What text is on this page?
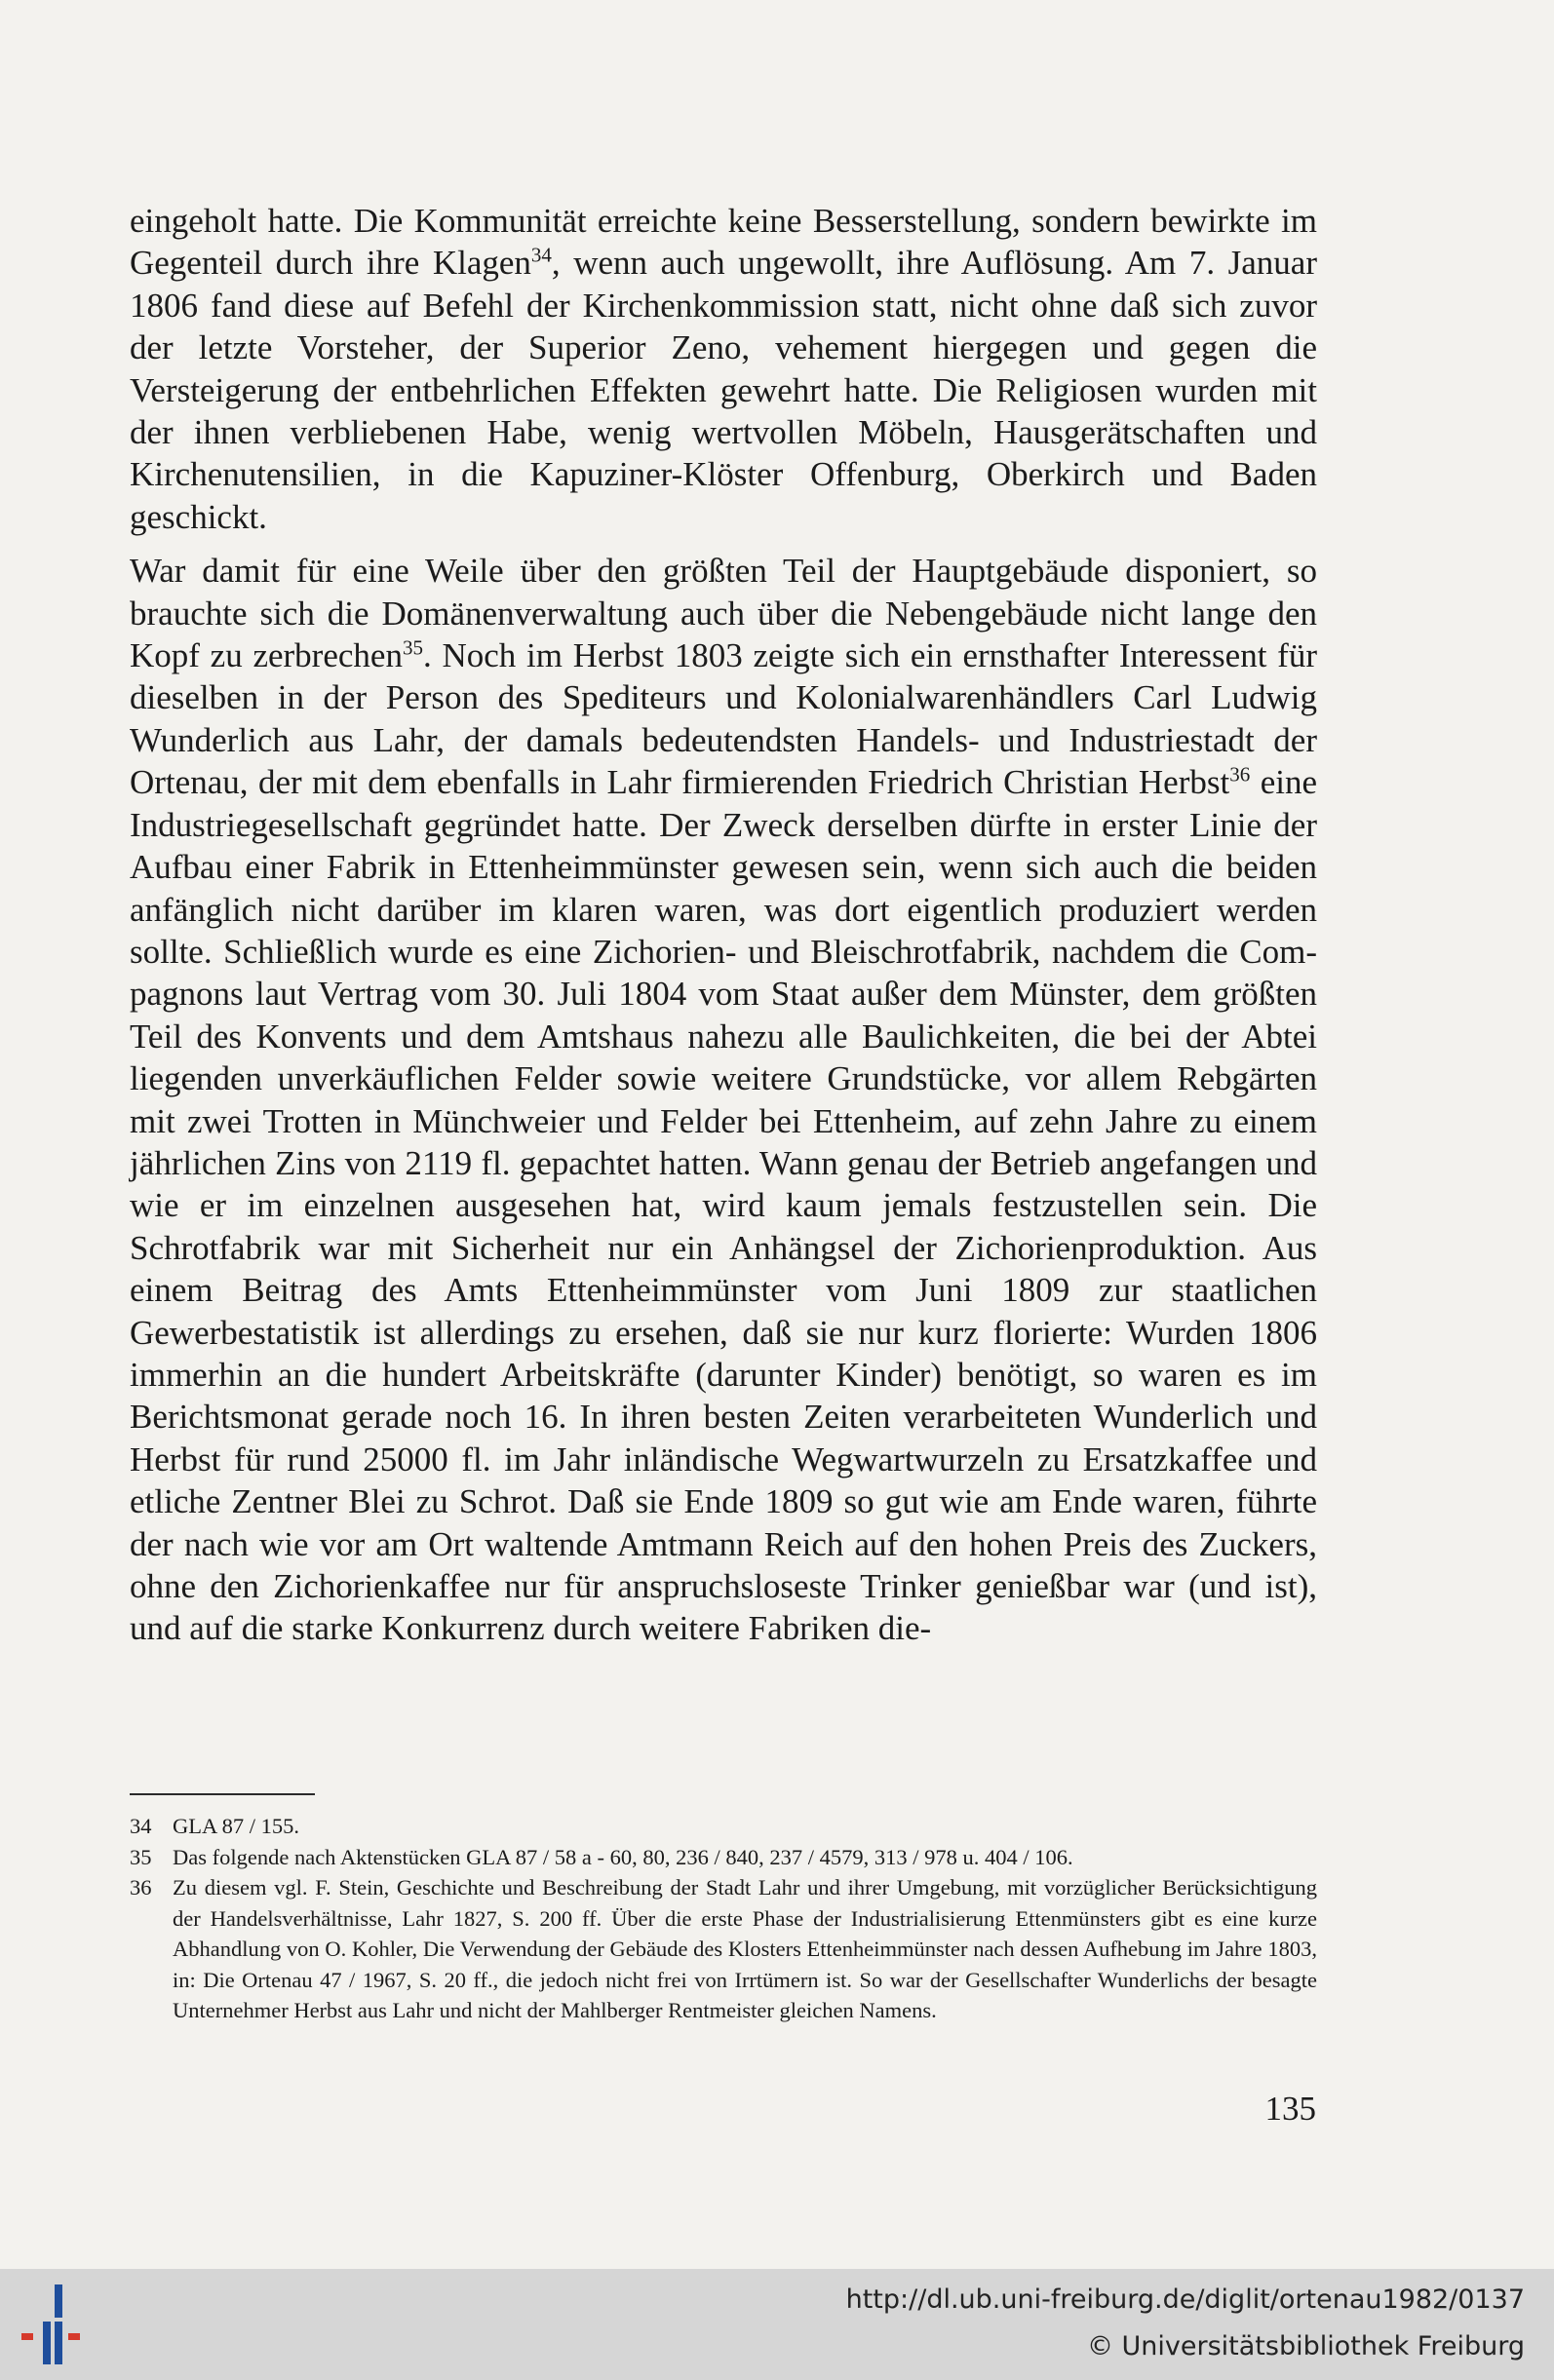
eingeholt hatte. Die Kommunität erreichte keine Besserstellung, sondern bewirkte im Gegenteil durch ihre Klagen$^{34}$, wenn auch ungewollt, ihre Auflösung. Am 7. Januar 1806 fand diese auf Befehl der Kirchenkommission statt, nicht ohne daß sich zuvor der letzte Vorsteher, der Superior Zeno, vehement hiergegen und gegen die Versteigerung der entbehrlichen Effekten gewehrt hatte. Die Religiosen wurden mit der ihnen verbliebenen Habe, wenig wertvollen Möbeln, Hausgerätschaften und Kirchenutensilien, in die Kapuziner-Klöster Offenburg, Oberkirch und Baden geschickt.

War damit für eine Weile über den größten Teil der Hauptgebäude disponiert, so brauchte sich die Domänenverwaltung auch über die Nebengebäude nicht lange den Kopf zu zerbrechen$^{35}$. Noch im Herbst 1803 zeigte sich ein ernsthafter Interessent für dieselben in der Person des Spediteurs und Kolonialwarenhändlers Carl Ludwig Wunderlich aus Lahr, der damals bedeutendsten Handels- und Industriestadt der Ortenau, der mit dem ebenfalls in Lahr firmierenden Friedrich Christian Herbst$^{36}$ eine Industriegesellschaft gegründet hatte. Der Zweck derselben dürfte in erster Linie der Aufbau einer Fabrik in Ettenheimmünster gewesen sein, wenn sich auch die beiden anfänglich nicht darüber im klaren waren, was dort eigentlich produziert werden sollte. Schließlich wurde es eine Zichorien- und Bleischrotfabrik, nachdem die Compagnons laut Vertrag vom 30. Juli 1804 vom Staat außer dem Münster, dem größten Teil des Konvents und dem Amtshaus nahezu alle Baulichkeiten, die bei der Abtei liegenden unverkäuflichen Felder sowie weitere Grundstücke, vor allem Rebgärten mit zwei Trotten in Münchweier und Felder bei Ettenheim, auf zehn Jahre zu einem jährlichen Zins von 2119 fl. gepachtet hatten. Wann genau der Betrieb angefangen und wie er im einzelnen ausgesehen hat, wird kaum jemals festzustellen sein. Die Schrotfabrik war mit Sicherheit nur ein Anhängsel der Zichorienproduktion. Aus einem Beitrag des Amts Ettenheimmünster vom Juni 1809 zur staatlichen Gewerbestatistik ist allerdings zu ersehen, daß sie nur kurz florierte: Wurden 1806 immerhin an die hundert Arbeitskräfte (darunter Kinder) benötigt, so waren es im Berichtsmonat gerade noch 16. In ihren besten Zeiten verarbeiteten Wunderlich und Herbst für rund 25000 fl. im Jahr inländische Wegwartwurzeln zu Ersatzkaffee und etliche Zentner Blei zu Schrot. Daß sie Ende 1809 so gut wie am Ende waren, führte der nach wie vor am Ort waltende Amtmann Reich auf den hohen Preis des Zuckers, ohne den Zichorienkaffee nur für anspruchsloseste Trinker genießbar war (und ist), und auf die starke Konkurrenz durch weitere Fabriken die-

34 GLA 87 / 155.
35 Das folgende nach Aktenstücken GLA 87 / 58 a - 60, 80, 236 / 840, 237 / 4579, 313 / 978 u. 404 / 106.
36 Zu diesem vgl. F. Stein, Geschichte und Beschreibung der Stadt Lahr und ihrer Umgebung, mit vorzüglicher Berücksichtigung der Handelsverhältnisse, Lahr 1827, S. 200 ff. Über die erste Phase der Industrialisierung Ettenmünsters gibt es eine kurze Abhandlung von O. Kohler, Die Verwendung der Gebäude des Klosters Ettenheimmünster nach dessen Aufhebung im Jahre 1803, in: Die Ortenau 47 / 1967, S. 20 ff., die jedoch nicht frei von Irrtümern ist. So war der Gesellschafter Wunderlichs der besagte Unternehmer Herbst aus Lahr und nicht der Mahlberger Rentmeister gleichen Namens.
135
http://dl.ub.uni-freiburg.de/diglit/ortenau1982/0137
© Universitätsbibliothek Freiburg
